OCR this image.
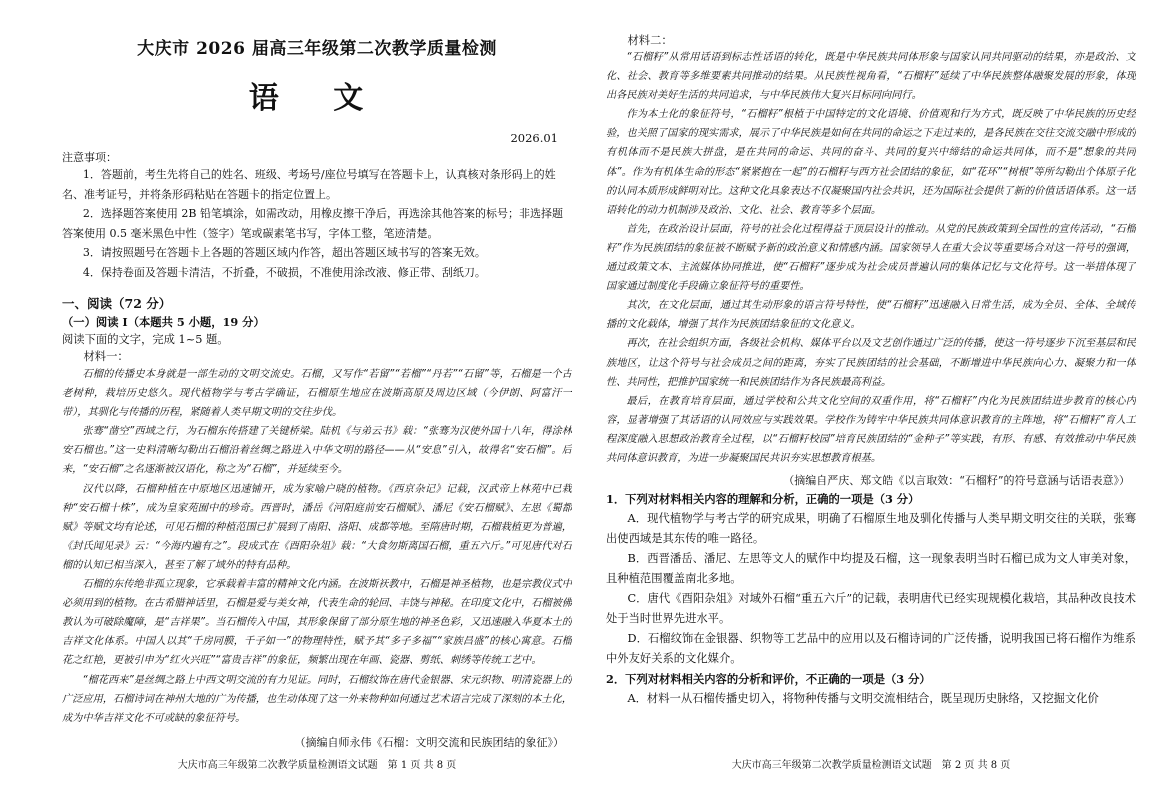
大庆市 2026 届高三年级第二次教学质量检测
语 文
2026.01
注意事项：

1．答题前，考生先将自己的姓名、班级、考场号/座位号填写在答题卡上，认真核对条形码上的姓名、准考证号，并将条形码粘贴在答题卡的指定位置上。

2．选择题答案使用 2B 铅笔填涂，如需改动，用橡皮擦干净后，再选涂其他答案的标号；非选择题答案使用 0.5 毫米黑色中性（签字）笔或碳素笔书写，字体工整，笔迹清楚。

3．请按照题号在答题卡上各题的答题区域内作答，超出答题区域书写的答案无效。

4．保持卷面及答题卡清洁，不折叠，不破损，不准使用涂改液、修正带、刮纸刀。

一、阅读（72 分）
（一）阅读 I（本题共 5 小题，19 分）
阅读下面的文字，完成 1~5 题。
材料一：

石榴的传播史本身就是一部生动的文明交流史。石榴，又写作“若留”“若榴”“丹若”“石留”等，石榴是一个古老树种，栽培历史悠久。现代植物学与考古学确证，石榴原生地应在波斯高原及周边区域（今伊朗、阿富汗一带），其驯化与传播的历程，紧随着人类早期文明的交往步伐。

张骞“凿空”西域之行，为石榴东传搭建了关键桥梁。陆机《与弟云书》载：“张骞为汉使外国十八年，得涂林安石榴也。”这一史料清晰勾勒出石榴沿着丝绸之路进入中华文明的路径——从“安息”引入，故得名“安石榴”。后来，“安石榴”之名逐渐被汉语化，称之为“石榴”，并延续至今。

汉代以降，石榴种植在中原地区迅速铺开，成为家喻户晓的植物。《西京杂记》记载，汉武帝上林苑中已栽种“安石榴十株”，成为皇家苑囿中的珍奇。西晋时，潘岳《河阳庭前安石榴赋》、潘尼《安石榴赋》、左思《蜀都赋》等赋文均有论述，可见石榴的种植范围已扩展到了南阳、洛阳、成都等地。至隋唐时期，石榴栽植更为普遍，《封氏闻见录》云：“今海内遍有之”。段成式在《酉阳杂俎》载：“大食勿斯离国石榴，重五六斤。”可见唐代对石榴的认知已相当深入，甚至了解了域外的特有品种。

石榴的东传绝非孤立现象，它承载着丰富的精神文化内涵。在波斯祆教中，石榴是神圣植物，也是宗教仪式中必须用到的植物。在古希腊神话里，石榴是爱与美女神，代表生命的轮回、丰饶与神秘。在印度文化中，石榴被佛教认为可破除魔障，是“吉祥果”。当石榴传入中国，其形象保留了部分原生地的神圣色彩，又迅速融入华夏本土的吉祥文化体系。中国人以其“千房同膜，千子如一”的物理特性，赋予其“多子多福”“家族昌盛”的核心寓意。石榴花之红艳，更被引申为“红火兴旺”“富贵吉祥”的象征，频繁出现在年画、瓷器、剪纸、刺绣等传统工艺中。

“榴花西来”是丝绸之路上中西文明交流的有力见证。同时，石榴纹饰在唐代金银器、宋元织物、明清瓷器上的广泛应用，石榴诗词在神州大地的广为传播，也生动体现了这一外来物种如何通过艺术语言完成了深刻的本土化，成为中华吉祥文化不可或缺的象征符号。

（摘编自师永伟《石榴：文明交流和民族团结的象征》）
大庆市高三年级第二次教学质量检测语文试题　第 1 页 共 8 页
材料二：

“石榴籽”从常用话语到标志性话语的转化，既是中华民族共同体形象与国家认同共同驱动的结果，亦是政治、文化、社会、教育等多维要素共同推动的结果。从民族性视角看，“石榴籽”延续了中华民族整体融聚发展的形象，体现出各民族对美好生活的共同追求，与中华民族伟大复兴目标同向同行。

作为本土化的象征符号，“石榴籽”根植于中国特定的文化语境、价值观和行为方式，既反映了中华民族的历史经验，也关照了国家的现实需求，展示了中华民族是如何在共同的命运之下走过来的，是各民族在交往交流交融中形成的有机体而不是民族大拼盘，是在共同的命运、共同的奋斗、共同的复兴中缔结的命运共同体，而不是“想象的共同体”。作为有机体生命的形态“紧紧抱在一起”的石榴籽与西方社会团结的象征，如“花环”“树根”等所勾勒出个体原子化的认同本质形成鲜明对比。这种文化具象表达不仅凝聚国内社会共识，还为国际社会提供了新的价值话语体系。这一话语转化的动力机制涉及政治、文化、社会、教育等多个层面。

首先，在政治设计层面，符号的社会化过程得益于顶层设计的推动。从党的民族政策到全国性的宣传活动，“石榴籽”作为民族团结的象征被不断赋予新的政治意义和情感内涵。国家领导人在重大会议等重要场合对这一符号的强调，通过政策文本、主流媒体协同推进，使“石榴籽”逐步成为社会成员普遍认同的集体记忆与文化符号。这一举措体现了国家通过制度化手段确立象征符号的重要性。

其次，在文化层面，通过其生动形象的语言符号特性，使“石榴籽”迅速融入日常生活，成为全员、全体、全域传播的文化载体，增强了其作为民族团结象征的文化意义。

再次，在社会组织方面，各级社会机构、媒体平台以及文艺创作通过广泛的传播，使这一符号逐步下沉至基层和民族地区，让这个符号与社会成员之间的距离，夯实了民族团结的社会基础，不断增进中华民族向心力、凝聚力和一体性、共同性，把推护国家统一和民族团结作为各民族最高利益。

最后，在教育培育层面，通过学校和公共文化空间的双重作用，将“石榴籽”内化为民族团结进步教育的核心内容，显著增强了其话语的认同效应与实践效果。学校作为铸牢中华民族共同体意识教育的主阵地，将“石榴籽”育人工程深度融入思想政治教育全过程，以“石榴籽校园”培育民族团结的“金种子”等实践，有形、有感、有效推动中华民族共同体意识教育，为进一步凝聚国民共识夯实思想教育根基。

（摘编自严庆、郑文皓《以言取效：“石榴籽”的符号意涵与话语表意》）
1．下列对材料相关内容的理解和分析，正确的一项是（3 分）
A．现代植物学与考古学的研究成果，明确了石榴原生地及驯化传播与人类早期文明交往的关联，张骞出使西域是其东传的唯一路径。
B．西晋潘岳、潘尼、左思等文人的赋作中均提及石榴，这一现象表明当时石榴已成为文人审美对象，且种植范围覆盖南北多地。
C．唐代《酉阳杂俎》对域外石榴“重五六斤”的记载，表明唐代已经实现规模化栽培，其品种改良技术处于当时世界先进水平。
D．石榴纹饰在金银器、织物等工艺品中的应用以及石榴诗词的广泛传播，说明我国已将石榴作为维系中外友好关系的文化媒介。
2．下列对材料相关内容的分析和评价，不正确的一项是（3 分）
A．材料一从石榴传播史切入，将物种传播与文明交流相结合，既呈现历史脉络，又挖掘文化价
大庆市高三年级第二次教学质量检测语文试题　第 2 页 共 8 页
